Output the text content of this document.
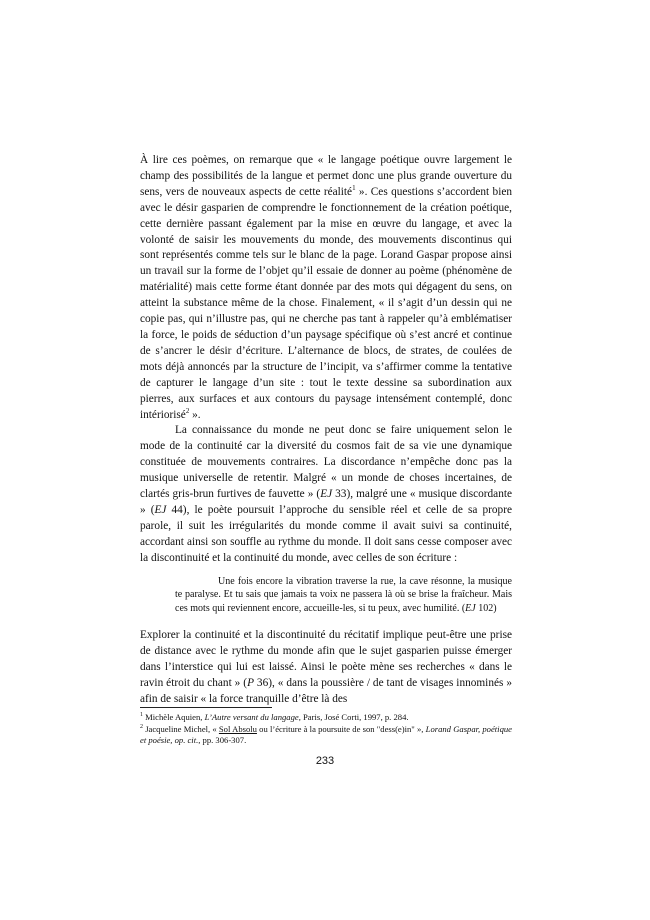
À lire ces poèmes, on remarque que « le langage poétique ouvre largement le champ des possibilités de la langue et permet donc une plus grande ouverture du sens, vers de nouveaux aspects de cette réalité$^1$ ». Ces questions s’accordent bien avec le désir gasparien de comprendre le fonctionnement de la création poétique, cette dernière passant également par la mise en œuvre du langage, et avec la volonté de saisir les mouvements du monde, des mouvements discontinus qui sont représentés comme tels sur le blanc de la page. Lorand Gaspar propose ainsi un travail sur la forme de l’objet qu’il essaie de donner au poème (phénomène de matérialité) mais cette forme étant donnée par des mots qui dégagent du sens, on atteint la substance même de la chose. Finalement, « il s’agit d’un dessin qui ne copie pas, qui n’illustre pas, qui ne cherche pas tant à rappeler qu’à emblématiser la force, le poids de séduction d’un paysage spécifique où s’est ancré et continue de s’ancrer le désir d’écriture. L’alternance de blocs, de strates, de coulées de mots déjà annoncés par la structure de l’incipit, va s’affirmer comme la tentative de capturer le langage d’un site : tout le texte dessine sa subordination aux pierres, aux surfaces et aux contours du paysage intensément contemplé, donc intériorisé$^2$ ».

La connaissance du monde ne peut donc se faire uniquement selon le mode de la continuité car la diversité du cosmos fait de sa vie une dynamique constituée de mouvements contraires. La discordance n’empêche donc pas la musique universelle de retentir. Malgré « un monde de choses incertaines, de clartés gris-brun furtives de fauvette » (EJ 33), malgré une « musique discordante » (EJ 44), le poète poursuit l’approche du sensible réel et celle de sa propre parole, il suit les irrégularités du monde comme il avait suivi sa continuité, accordant ainsi son souffle au rythme du monde. Il doit sans cesse composer avec la discontinuité et la continuité du monde, avec celles de son écriture :

Une fois encore la vibration traverse la rue, la cave résonne, la musique te paralyse. Et tu sais que jamais ta voix ne passera là où se brise la fraîcheur. Mais ces mots qui reviennent encore, accueille-les, si tu peux, avec humilité. (EJ 102)

Explorer la continuité et la discontinuité du récitatif implique peut-être une prise de distance avec le rythme du monde afin que le sujet gasparien puisse émerger dans l’interstice qui lui est laissé. Ainsi le poète mène ses recherches « dans le ravin étroit du chant » (P 36), « dans la poussière / de tant de visages innominés » afin de saisir « la force tranquille d’être là des

$^1$ Michèle Aquien, L’Autre versant du langage, Paris, José Corti, 1997, p. 284.

$^2$ Jacqueline Michel, « Sol Absolu ou l’écriture à la poursuite de son "dess(e)in" », Lorand Gaspar, poétique et poésie, op. cit., pp. 306-307.

233
